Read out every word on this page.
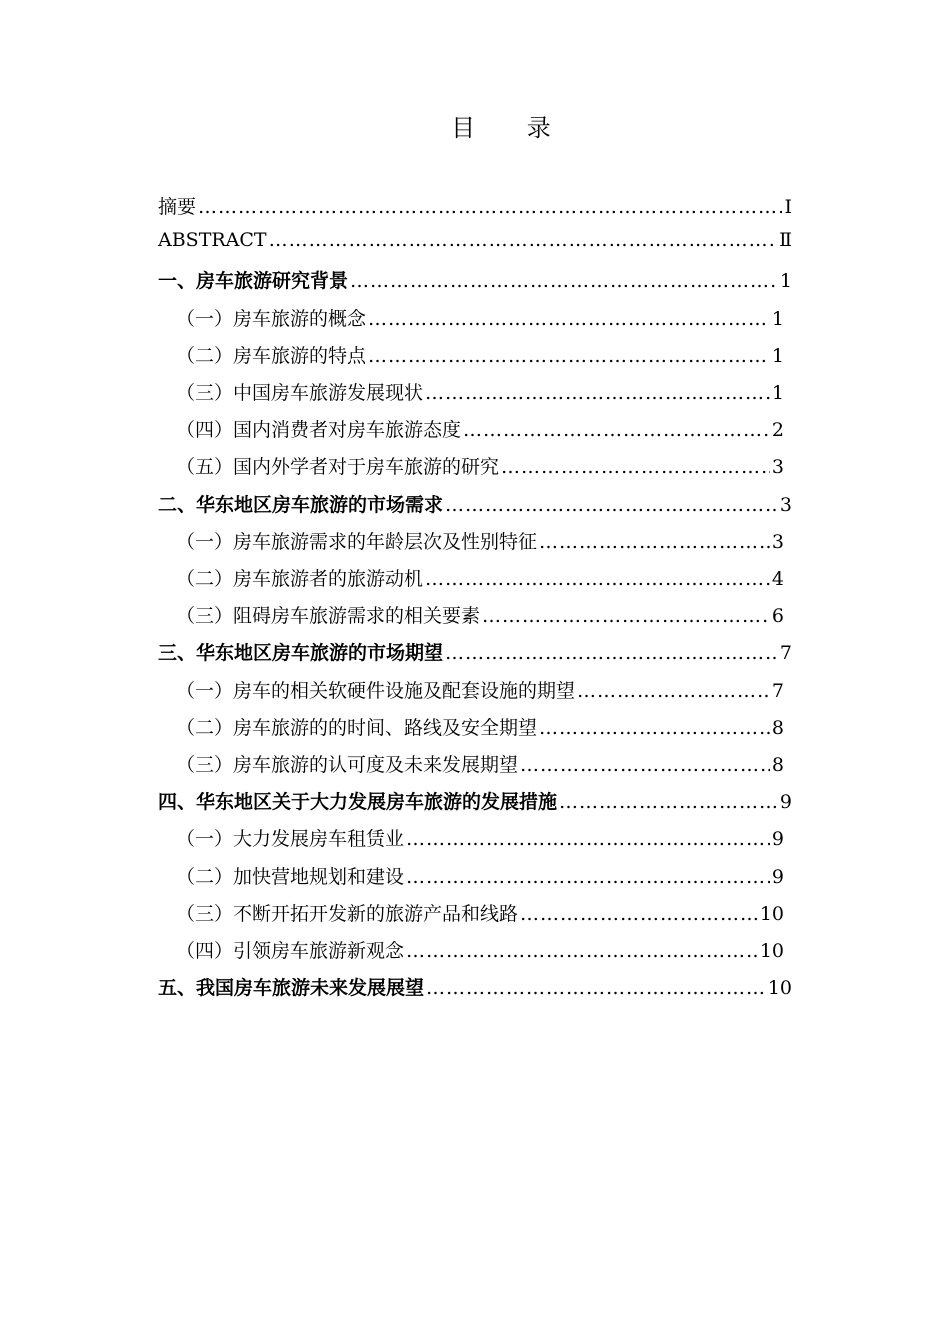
目 录
摘要 …………………………………………………………………………………………………………………………………………………………	Ⅰ
ABSTRACT …………………………………………………………………………………………………………………………………………………………	Ⅱ
一、房车旅游研究背景 …………………………………………………………………………………………………………………………………………………………	1
（一）房车旅游的概念 …………………………………………………………………………………………………………………………………………………………	1
（二）房车旅游的特点 …………………………………………………………………………………………………………………………………………………………	1
（三）中国房车旅游发展现状 …………………………………………………………………………………………………………………………………………………………	1
（四）国内消费者对房车旅游态度 …………………………………………………………………………………………………………………………………………………………	2
（五）国内外学者对于房车旅游的研究 …………………………………………………………………………………………………………………………………………………………	3
二、华东地区房车旅游的市场需求 …………………………………………………………………………………………………………………………………………………………	3
（一）房车旅游需求的年龄层次及性别特征 …………………………………………………………………………………………………………………………………………………………	3
（二）房车旅游者的旅游动机 …………………………………………………………………………………………………………………………………………………………	4
（三）阻碍房车旅游需求的相关要素 …………………………………………………………………………………………………………………………………………………………	6
三、华东地区房车旅游的市场期望 …………………………………………………………………………………………………………………………………………………………	7
（一）房车的相关软硬件设施及配套设施的期望 …………………………………………………………………………………………………………………………………………………………	7
（二）房车旅游的的时间、路线及安全期望 …………………………………………………………………………………………………………………………………………………………	8
（三）房车旅游的认可度及未来发展期望 …………………………………………………………………………………………………………………………………………………………	8
四、华东地区关于大力发展房车旅游的发展措施 …………………………………………………………………………………………………………………………………………………………	9
（一）大力发展房车租赁业 …………………………………………………………………………………………………………………………………………………………	9
（二）加快营地规划和建设 …………………………………………………………………………………………………………………………………………………………	9
（三）不断开拓开发新的旅游产品和线路 …………………………………………………………………………………………………………………………………………………………	10
（四）引领房车旅游新观念 …………………………………………………………………………………………………………………………………………………………	10
五、我国房车旅游未来发展展望 …………………………………………………………………………………………………………………………………………………………	10
